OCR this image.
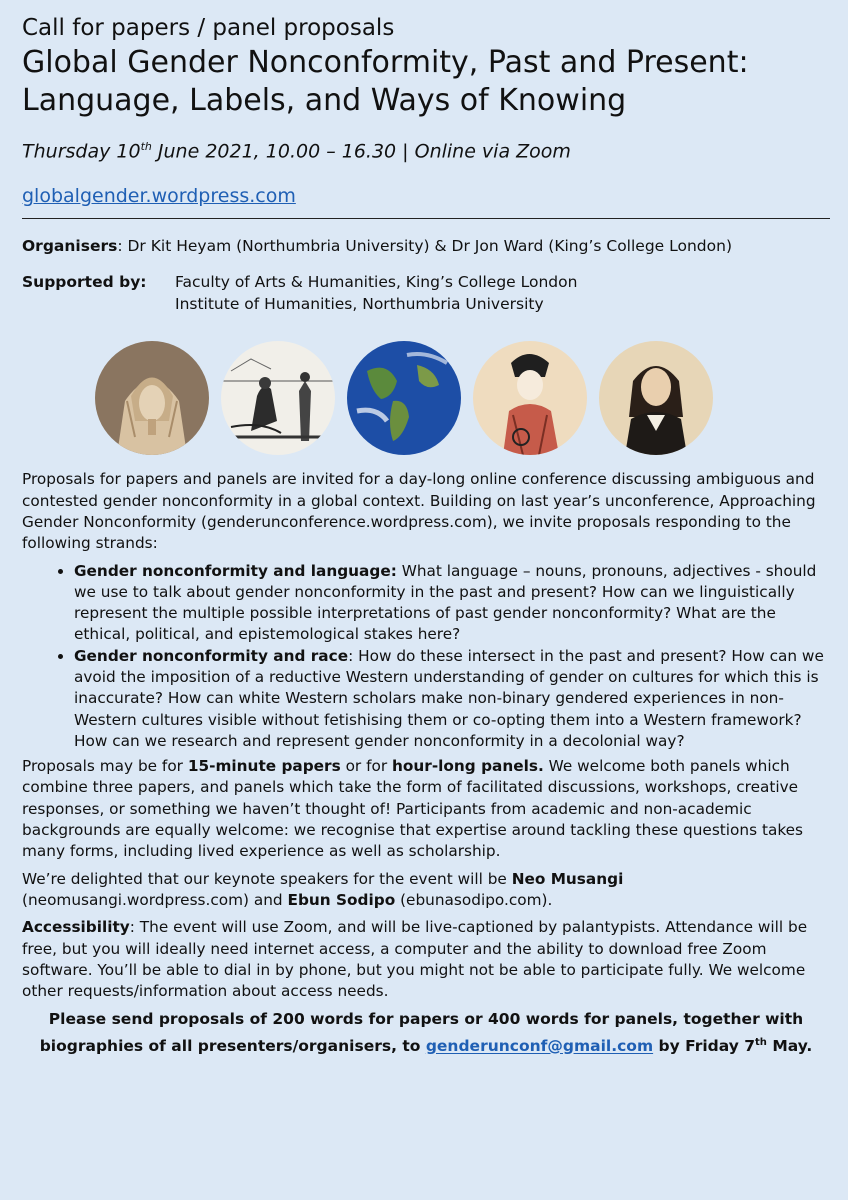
Call for papers / panel proposals

Global Gender Nonconformity, Past and Present:
Language, Labels, and Ways of Knowing

Thursday 10th June 2021, 10.00 – 16.30 | Online via Zoom

globalgender.wordpress.com
Organisers: Dr Kit Heyam (Northumbria University) & Dr Jon Ward (King’s College London)
Supported by:	Faculty of Arts & Humanities, King’s College London
Institute of Humanities, Northumbria University

Proposals for papers and panels are invited for a day-long online conference discussing ambiguous and contested gender nonconformity in a global context. Building on last year’s unconference, Approaching Gender Nonconformity (genderunconference.wordpress.com), we invite proposals responding to the following strands:

• Gender nonconformity and language: What language – nouns, pronouns, adjectives - should we use to talk about gender nonconformity in the past and present? How can we linguistically represent the multiple possible interpretations of past gender nonconformity? What are the ethical, political, and epistemological stakes here?
• Gender nonconformity and race: How do these intersect in the past and present? How can we avoid the imposition of a reductive Western understanding of gender on cultures for which this is inaccurate? How can white Western scholars make non-binary gendered experiences in non-Western cultures visible without fetishising them or co-opting them into a Western framework? How can we research and represent gender nonconformity in a decolonial way?

Proposals may be for 15-minute papers or for hour-long panels. We welcome both panels which combine three papers, and panels which take the form of facilitated discussions, workshops, creative responses, or something we haven’t thought of! Participants from academic and non-academic backgrounds are equally welcome: we recognise that expertise around tackling these questions takes many forms, including lived experience as well as scholarship.

We’re delighted that our keynote speakers for the event will be Neo Musangi (neomusangi.wordpress.com) and Ebun Sodipo (ebunasodipo.com).

Accessibility: The event will use Zoom, and will be live-captioned by palantypists. Attendance will be free, but you will ideally need internet access, a computer and the ability to download free Zoom software. You’ll be able to dial in by phone, but you might not be able to participate fully. We welcome other requests/information about access needs.

Please send proposals of 200 words for papers or 400 words for panels, together with
biographies of all presenters/organisers, to genderunconf@gmail.com by Friday 7th May.
